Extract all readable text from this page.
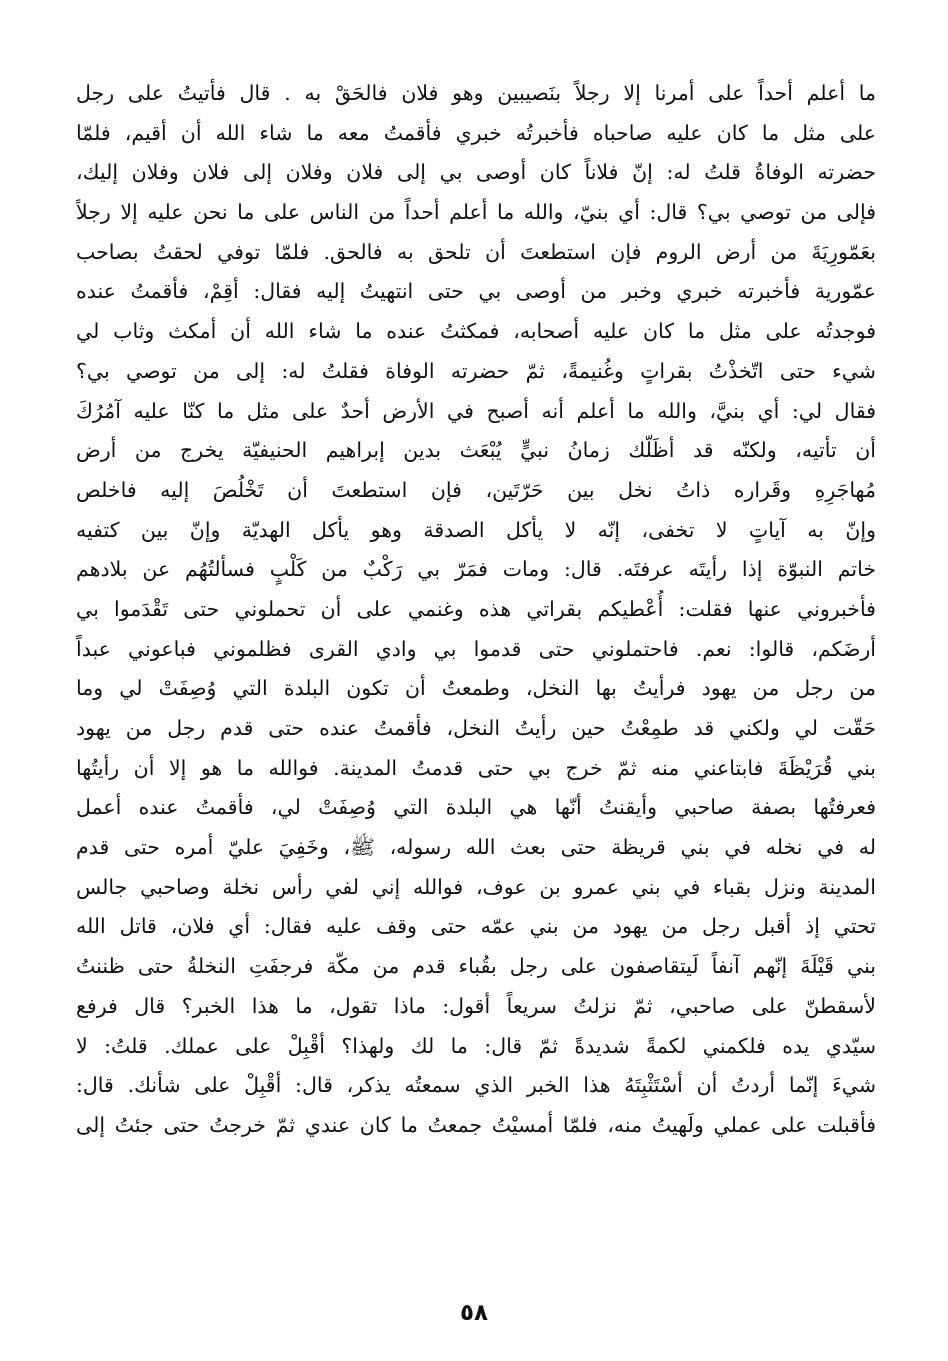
ما أعلم أحداً على أمرنا إلا رجلاً بنَصيبين وهو فلان فالحَقْ به . قال فأتيتُ على رجل
على مثل ما كان عليه صاحباه فأخبرتُه خبري فأقمتُ معه ما شاء الله أن أقيم، فلمّا
حضرته الوفاةُ قلتُ له: إنّ فلاناً كان أوصى بي إلى فلان وفلان إلى فلان وفلان إليك،
فإلى من توصي بي؟ قال: أي بنيّ، والله ما أعلم أحداً من الناس على ما نحن عليه إلا رجلاً
بعَمّورِيَةَ من أرض الروم فإن استطعتَ أن تلحق به فالحق. فلمّا توفي لحقتُ بصاحب
عمّورية فأخبرته خبري وخبر من أوصى بي حتى انتهيتُ إليه فقال: أقِمْ، فأقمتُ عنده
فوجدتُه على مثل ما كان عليه أصحابه، فمكثتُ عنده ما شاء الله أن أمكث وثاب لي
شيء حتى اتّخذْتُ بقراتٍ وغُنيمةً، ثمّ حضرته الوفاة فقلتُ له: إلى من توصي بي؟
فقال لي: أي بنيَّ، والله ما أعلم أنه أصبح في الأرض أحدٌ على مثل ما كنّا عليه آمُرُكَ
أن تأتيه، ولكنّه قد أظَلّك زمانُ نبيٍّ يُبْعَث بدين إبراهيم الحنيفيّة يخرج من أرض
مُهاجَرِهِ وقَراره ذاتُ نخل بين حَرّتَين، فإن استطعتَ أن تَخْلُصَ إليه فاخلص
وإنّ به آياتٍ لا تخفى، إنّه لا يأكل الصدقة وهو يأكل الهديّة وإنّ بين كتفيه
خاتم النبوّة إذا رأيتَه عرفتَه. قال: ومات فمَرّ بي رَكْبٌ من كَلْبٍ فسألتُهُم عن بلادهم
فأخبروني عنها فقلت: أُعْطيكم بقراتي هذه وغنمي على أن تحملوني حتى تَقْدَموا بي
أرضَكم، قالوا: نعم. فاحتملوني حتى قدموا بي وادي القرى فظلموني فباعوني عبداً
من رجل من يهود فرأيتُ بها النخل، وطمعتُ أن تكون البلدة التي وُصِفَتْ لي وما
حَقّت لي ولكني قد طمِعْتُ حين رأيتُ النخل، فأقمتُ عنده حتى قدم رجل من يهود
بني قُرَيْظَةَ فابتاعني منه ثمّ خرج بي حتى قدمتُ المدينة. فوالله ما هو إلا أن رأيتُها
فعرفتُها بصفة صاحبي وأيقنتُ أنّها هي البلدة التي وُصِفَتْ لي، فأقمتُ عنده أعمل
له في نخله في بني قريظة حتى بعث الله رسوله، ﷺ، وخَفِيَ عليّ أمره حتى قدم
المدينة ونزل بقباء في بني عمرو بن عوف، فوالله إني لفي رأس نخلة وصاحبي جالس
تحتي إذ أقبل رجل من يهود من بني عمّه حتى وقف عليه فقال: أي فلان، قاتل الله
بني قَيْلَةَ إنّهم آنفاً لَيتقاصفون على رجل بقُباء قدم من مكّة فرجفَتِ النخلةُ حتى ظننتُ
لأسقطنّ على صاحبي، ثمّ نزلتُ سريعاً أقول: ماذا تقول، ما هذا الخبر؟ قال فرفع
سيّدي يده فلكمني لكمةً شديدةً ثمّ قال: ما لك ولهذا؟ أقْبِلْ على عملك. قلتُ: لا
شيءَ إنّما أردتُ أن أسْتَثْبِتَهُ هذا الخبر الذي سمعتُه يذكر، قال: أقْبِلْ على شأنك. قال:
فأقبلت على عملي ولَهيتُ منه، فلمّا أمسيْتُ جمعتُ ما كان عندي ثمّ خرجتُ حتى جئتُ إلى
٥٨
